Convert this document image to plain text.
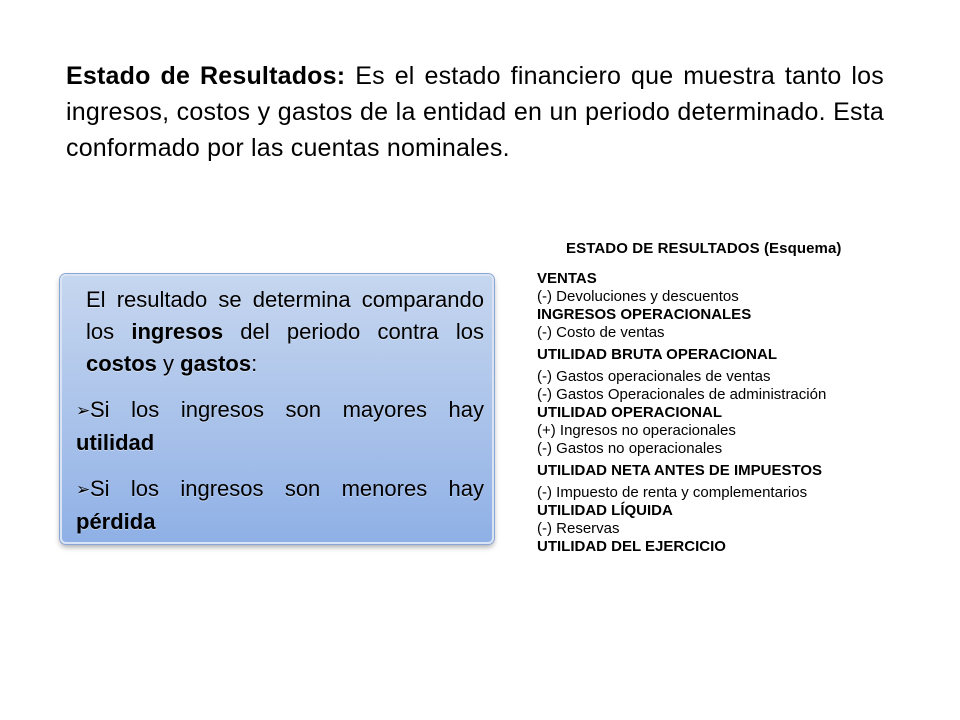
Estado de Resultados: Es el estado financiero que muestra tanto los ingresos, costos y gastos de la entidad en un periodo determinado. Esta conformado por las cuentas nominales.

El resultado se determina comparando los ingresos del periodo contra los costos y gastos:

➢Si los ingresos son mayores hay utilidad

➢Si los ingresos son menores hay pérdida

ESTADO DE RESULTADOS (Esquema)
VENTAS
(-) Devoluciones y descuentos
INGRESOS OPERACIONALES
(-) Costo de ventas
UTILIDAD BRUTA OPERACIONAL
(-) Gastos operacionales de ventas
(-) Gastos Operacionales de administración
UTILIDAD OPERACIONAL
(+) Ingresos no operacionales
(-) Gastos no operacionales
UTILIDAD NETA ANTES DE IMPUESTOS
(-) Impuesto de renta y complementarios
UTILIDAD LÍQUIDA
(-) Reservas
UTILIDAD DEL EJERCICIO
